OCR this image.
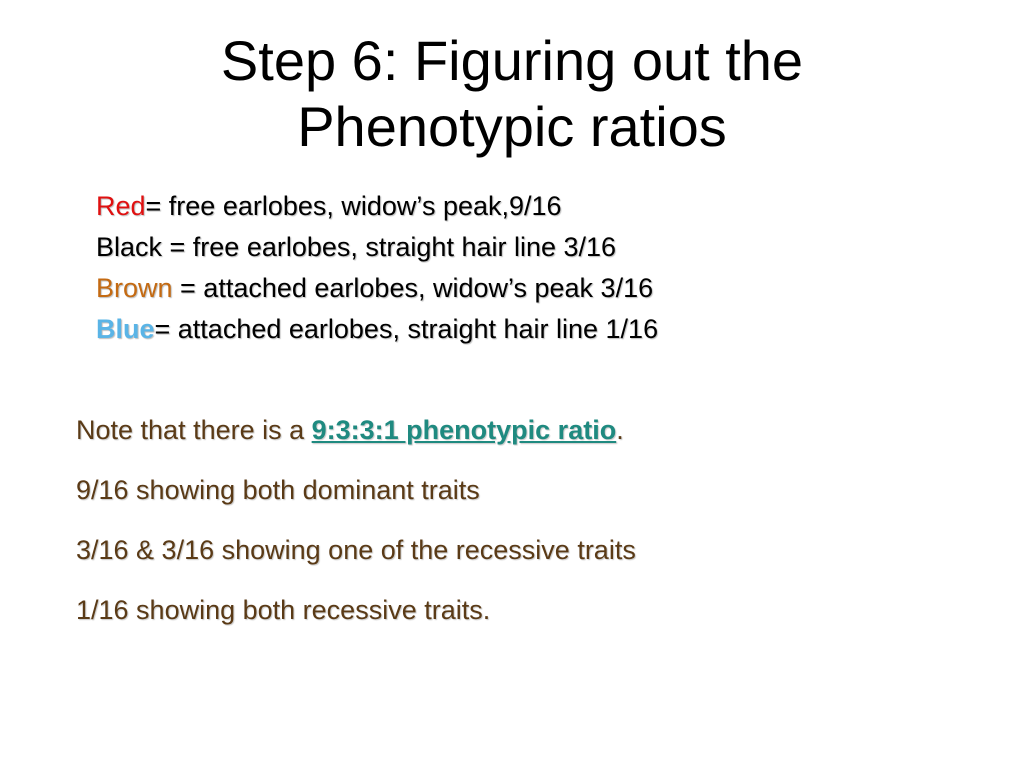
Step 6: Figuring out the
Phenotypic ratios
Red= free earlobes, widow’s peak,9/16
Black = free earlobes, straight hair line 3/16
Brown = attached earlobes, widow’s peak 3/16
Blue= attached earlobes, straight hair line 1/16
Note that there is a 9:3:3:1 phenotypic ratio.
9/16 showing both dominant traits
3/16 & 3/16 showing one of the recessive traits
1/16 showing both recessive traits.
